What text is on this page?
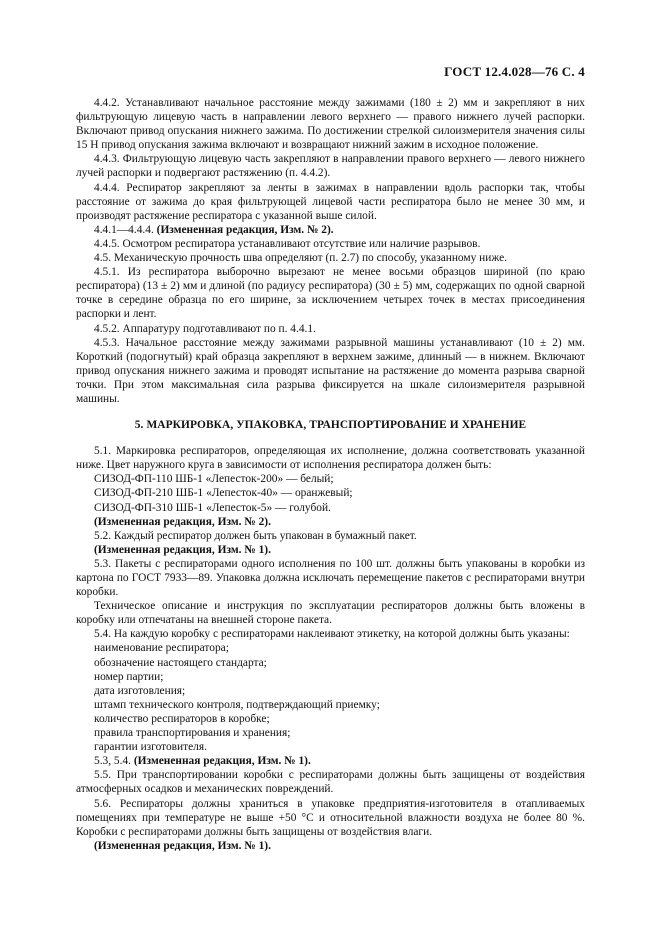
ГОСТ 12.4.028—76 С. 4

4.4.2. Устанавливают начальное расстояние между зажимами (180 ± 2) мм и закрепляют в них фильтрующую лицевую часть в направлении левого верхнего — правого нижнего лучей распорки. Включают привод опускания нижнего зажима. По достижении стрелкой силоизмерителя значения силы 15 Н привод опускания зажима включают и возвращают нижний зажим в исходное положение.

4.4.3. Фильтрующую лицевую часть закрепляют в направлении правого верхнего — левого нижнего лучей распорки и подвергают растяжению (п. 4.4.2).

4.4.4. Респиратор закрепляют за ленты в зажимах в направлении вдоль распорки так, чтобы расстояние от зажима до края фильтрующей лицевой части респиратора было не менее 30 мм, и производят растяжение респиратора с указанной выше силой.

4.4.1—4.4.4. (Измененная редакция, Изм. № 2).

4.4.5. Осмотром респиратора устанавливают отсутствие или наличие разрывов.

4.5. Механическую прочность шва определяют (п. 2.7) по способу, указанному ниже.

4.5.1. Из респиратора выборочно вырезают не менее восьми образцов шириной (по краю респиратора) (13 ± 2) мм и длиной (по радиусу респиратора) (30 ± 5) мм, содержащих по одной сварной точке в середине образца по его ширине, за исключением четырех точек в местах присоединения распорки и лент.

4.5.2. Аппаратуру подготавливают по п. 4.4.1.

4.5.3. Начальное расстояние между зажимами разрывной машины устанавливают (10 ± 2) мм. Короткий (подогнутый) край образца закрепляют в верхнем зажиме, длинный — в нижнем. Включают привод опускания нижнего зажима и проводят испытание на растяжение до момента разрыва сварной точки. При этом максимальная сила разрыва фиксируется на шкале силоизмерителя разрывной машины.

5. МАРКИРОВКА, УПАКОВКА, ТРАНСПОРТИРОВАНИЕ И ХРАНЕНИЕ

5.1. Маркировка респираторов, определяющая их исполнение, должна соответствовать указанной ниже. Цвет наружного круга в зависимости от исполнения респиратора должен быть:

СИЗОД-ФП-110 ШБ-1 «Лепесток-200» — белый;

СИЗОД-ФП-210 ШБ-1 «Лепесток-40» — оранжевый;

СИЗОД-ФП-310 ШБ-1 «Лепесток-5» — голубой.

(Измененная редакция, Изм. № 2).

5.2. Каждый респиратор должен быть упакован в бумажный пакет.

(Измененная редакция, Изм. № 1).

5.3. Пакеты с респираторами одного исполнения по 100 шт. должны быть упакованы в коробки из картона по ГОСТ 7933—89. Упаковка должна исключать перемещение пакетов с респираторами внутри коробки.

Техническое описание и инструкция по эксплуатации респираторов должны быть вложены в коробку или отпечатаны на внешней стороне пакета.

5.4. На каждую коробку с респираторами наклеивают этикетку, на которой должны быть указаны:

наименование респиратора;

обозначение настоящего стандарта;

номер партии;

дата изготовления;

штамп технического контроля, подтверждающий приемку;

количество респираторов в коробке;

правила транспортирования и хранения;

гарантии изготовителя.

5.3, 5.4. (Измененная редакция, Изм. № 1).

5.5. При транспортировании коробки с респираторами должны быть защищены от воздействия атмосферных осадков и механических повреждений.

5.6. Респираторы должны храниться в упаковке предприятия-изготовителя в отапливаемых помещениях при температуре не выше +50 °С и относительной влажности воздуха не более 80 %. Коробки с респираторами должны быть защищены от воздействия влаги.

(Измененная редакция, Изм. № 1).
